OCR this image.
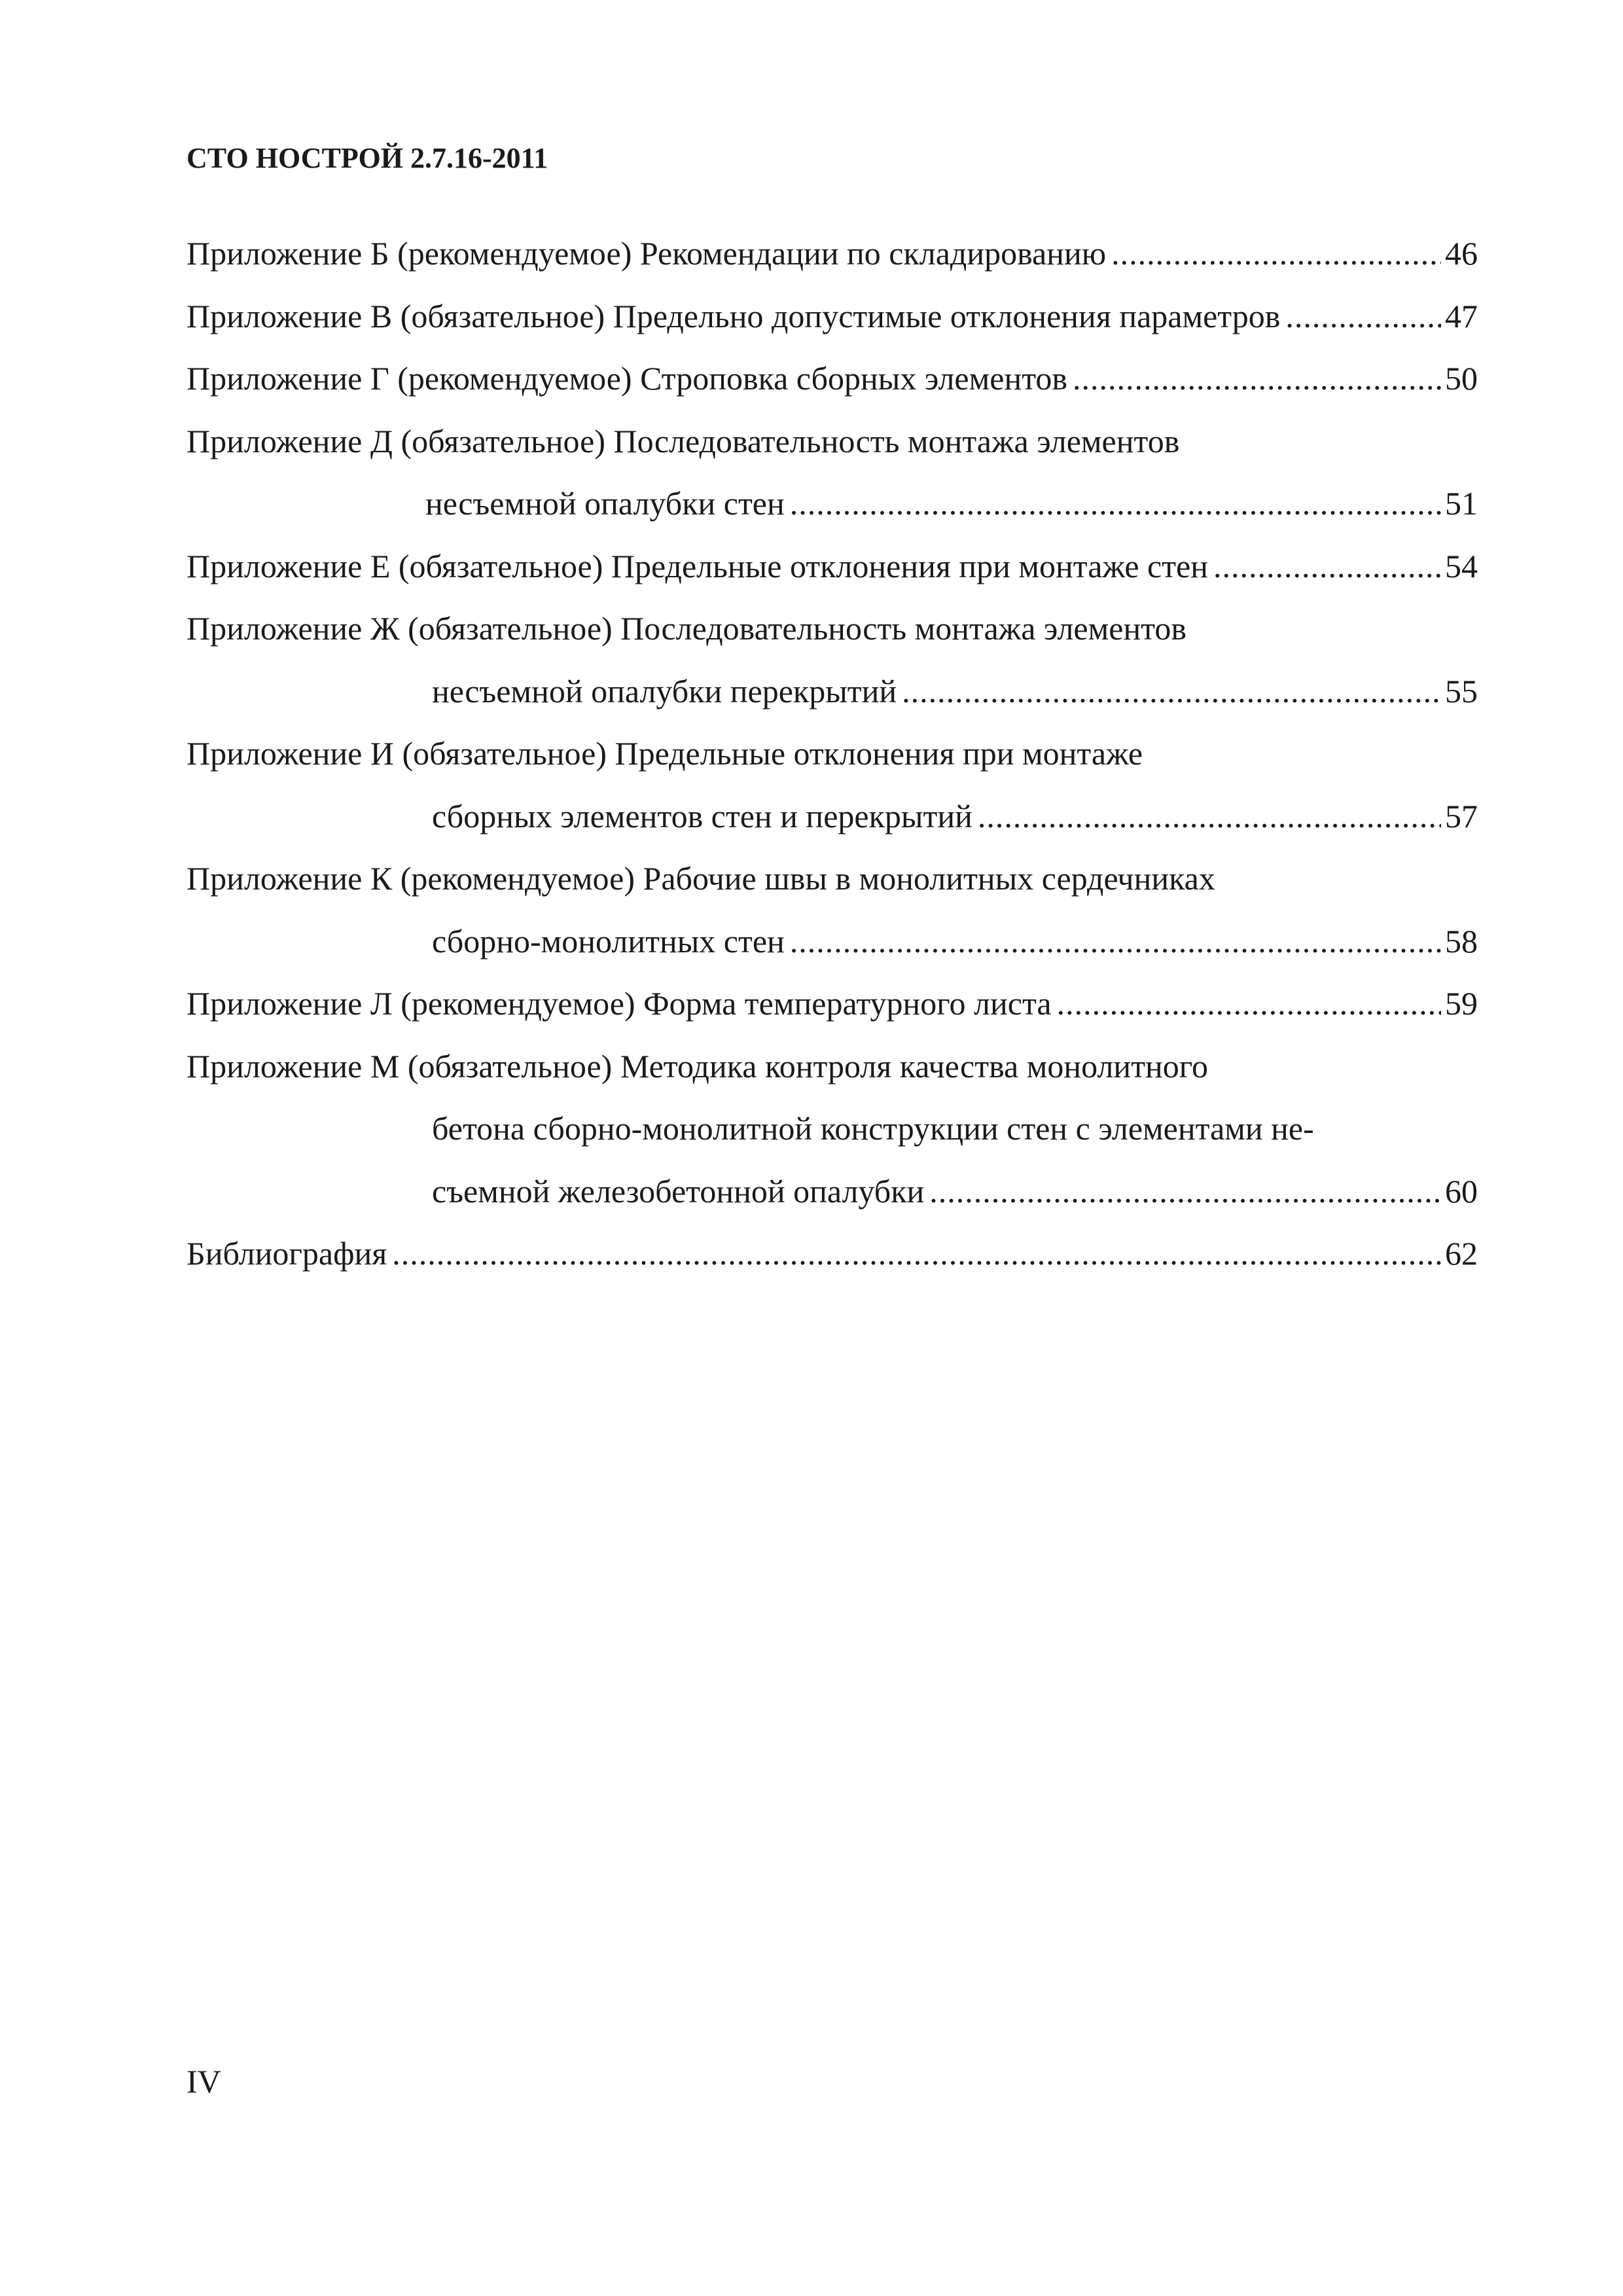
СТО НОСТРОЙ 2.7.16-2011
Приложение Б (рекомендуемое) Рекомендации по складированию .....	46
Приложение В (обязательное) Предельно допустимые отклонения параметров .....	47
Приложение Г (рекомендуемое) Строповка сборных элементов .....	50
Приложение Д (обязательное) Последовательность монтажа элементов
несъемной опалубки стен .....	51
Приложение Е (обязательное) Предельные отклонения при монтаже стен .....	54
Приложение Ж (обязательное) Последовательность монтажа элементов
несъемной опалубки перекрытий .....	55
Приложение И (обязательное) Предельные отклонения при монтаже
сборных элементов стен и перекрытий .....	57
Приложение К (рекомендуемое) Рабочие швы в монолитных сердечниках
сборно-монолитных стен .....	58
Приложение Л (рекомендуемое) Форма температурного листа .....	59
Приложение М (обязательное) Методика контроля качества монолитного
бетона сборно-монолитной конструкции стен с элементами не-
съемной железобетонной опалубки .....	60
Библиография .....	62
IV
